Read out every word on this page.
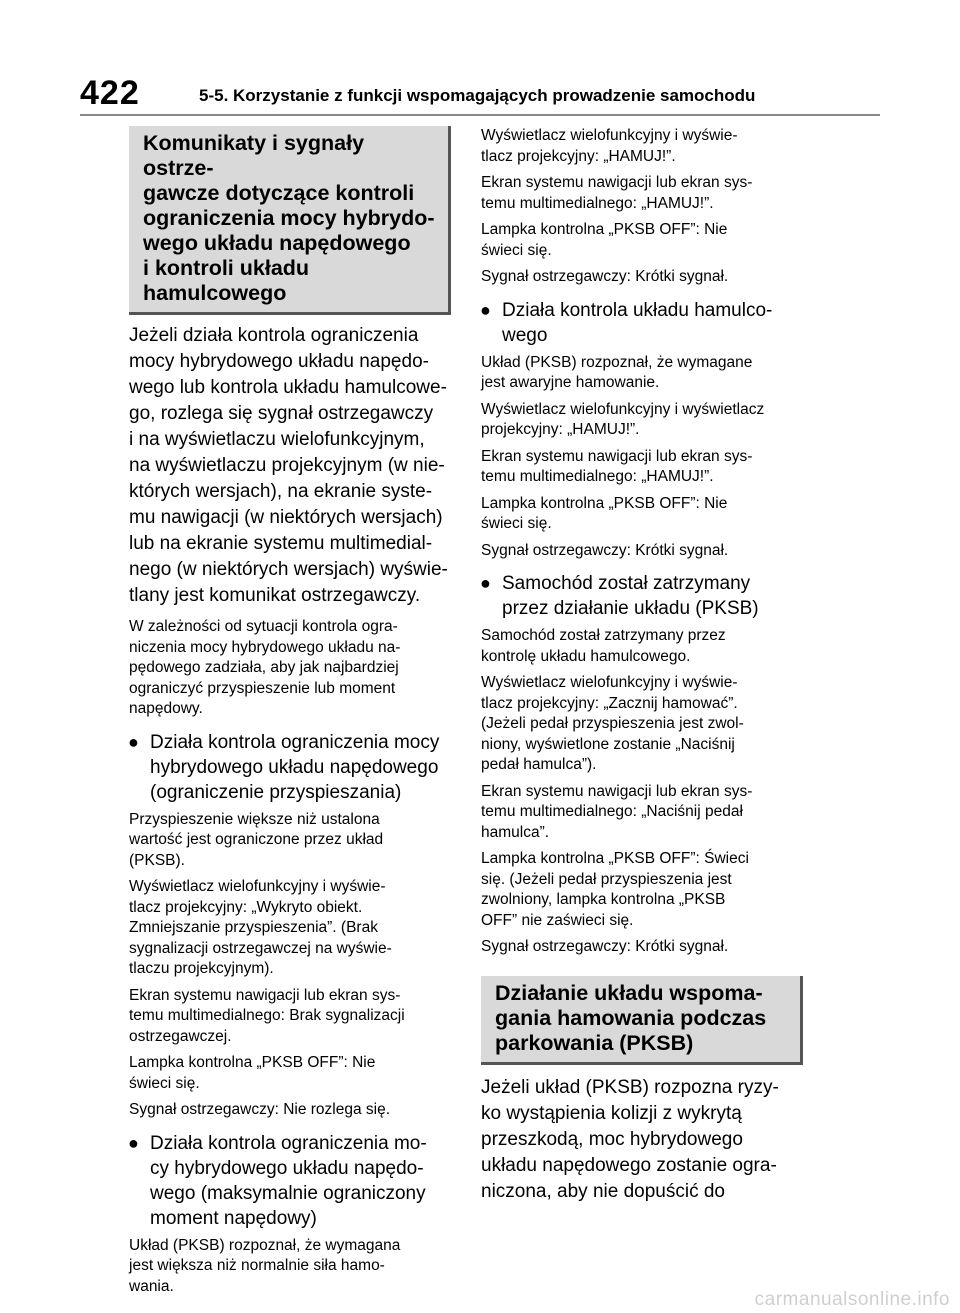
422	5-5. Korzystanie z funkcji wspomagających prowadzenie samochodu
Komunikaty i sygnały ostrze-
gawcze dotyczące kontroli
ograniczenia mocy hybrydo-
wego układu napędowego
i kontroli układu hamulcowego

Jeżeli działa kontrola ograniczenia
mocy hybrydowego układu napędo-
wego lub kontrola układu hamulcowe-
go, rozlega się sygnał ostrzegawczy
i na wyświetlaczu wielofunkcyjnym,
na wyświetlaczu projekcyjnym (w nie-
których wersjach), na ekranie syste-
mu nawigacji (w niektórych wersjach)
lub na ekranie systemu multimedial-
nego (w niektórych wersjach) wyświe-
tlany jest komunikat ostrzegawczy.

W zależności od sytuacji kontrola ogra-
niczenia mocy hybrydowego układu na-
pędowego zadziała, aby jak najbardziej
ograniczyć przyspieszenie lub moment
napędowy.

● Działa kontrola ograniczenia mocy
hybrydowego układu napędowego
(ograniczenie przyspieszania)

Przyspieszenie większe niż ustalona
wartość jest ograniczone przez układ
(PKSB).

Wyświetlacz wielofunkcyjny i wyświe-
tlacz projekcyjny: „Wykryto obiekt.
Zmniejszanie przyspieszenia”. (Brak
sygnalizacji ostrzegawczej na wyświe-
tlaczu projekcyjnym).

Ekran systemu nawigacji lub ekran sys-
temu multimedialnego: Brak sygnalizacji
ostrzegawczej.

Lampka kontrolna „PKSB OFF”: Nie
świeci się.

Sygnał ostrzegawczy: Nie rozlega się.

● Działa kontrola ograniczenia mo-
cy hybrydowego układu napędo-
wego (maksymalnie ograniczony
moment napędowy)

Układ (PKSB) rozpoznał, że wymagana
jest większa niż normalnie siła hamo-
wania.

Wyświetlacz wielofunkcyjny i wyświe-
tlacz projekcyjny: „HAMUJ!”.

Ekran systemu nawigacji lub ekran sys-
temu multimedialnego: „HAMUJ!”.

Lampka kontrolna „PKSB OFF”: Nie
świeci się.

Sygnał ostrzegawczy: Krótki sygnał.

● Działa kontrola układu hamulco-
wego

Układ (PKSB) rozpoznał, że wymagane
jest awaryjne hamowanie.

Wyświetlacz wielofunkcyjny i wyświetlacz
projekcyjny: „HAMUJ!”.

Ekran systemu nawigacji lub ekran sys-
temu multimedialnego: „HAMUJ!”.

Lampka kontrolna „PKSB OFF”: Nie
świeci się.

Sygnał ostrzegawczy: Krótki sygnał.

● Samochód został zatrzymany
przez działanie układu (PKSB)

Samochód został zatrzymany przez
kontrolę układu hamulcowego.

Wyświetlacz wielofunkcyjny i wyświe-
tlacz projekcyjny: „Zacznij hamować”.
(Jeżeli pedał przyspieszenia jest zwol-
niony, wyświetlone zostanie „Naciśnij
pedał hamulca”).

Ekran systemu nawigacji lub ekran sys-
temu multimedialnego: „Naciśnij pedał
hamulca”.

Lampka kontrolna „PKSB OFF”: Świeci
się. (Jeżeli pedał przyspieszenia jest
zwolniony, lampka kontrolna „PKSB
OFF” nie zaświeci się.

Sygnał ostrzegawczy: Krótki sygnał.

Działanie układu wspoma-
gania hamowania podczas
parkowania (PKSB)

Jeżeli układ (PKSB) rozpozna ryzy-
ko wystąpienia kolizji z wykrytą
przeszkodą, moc hybrydowego
układu napędowego zostanie ogra-
niczona, aby nie dopuścić do

carmanualsonline.info
